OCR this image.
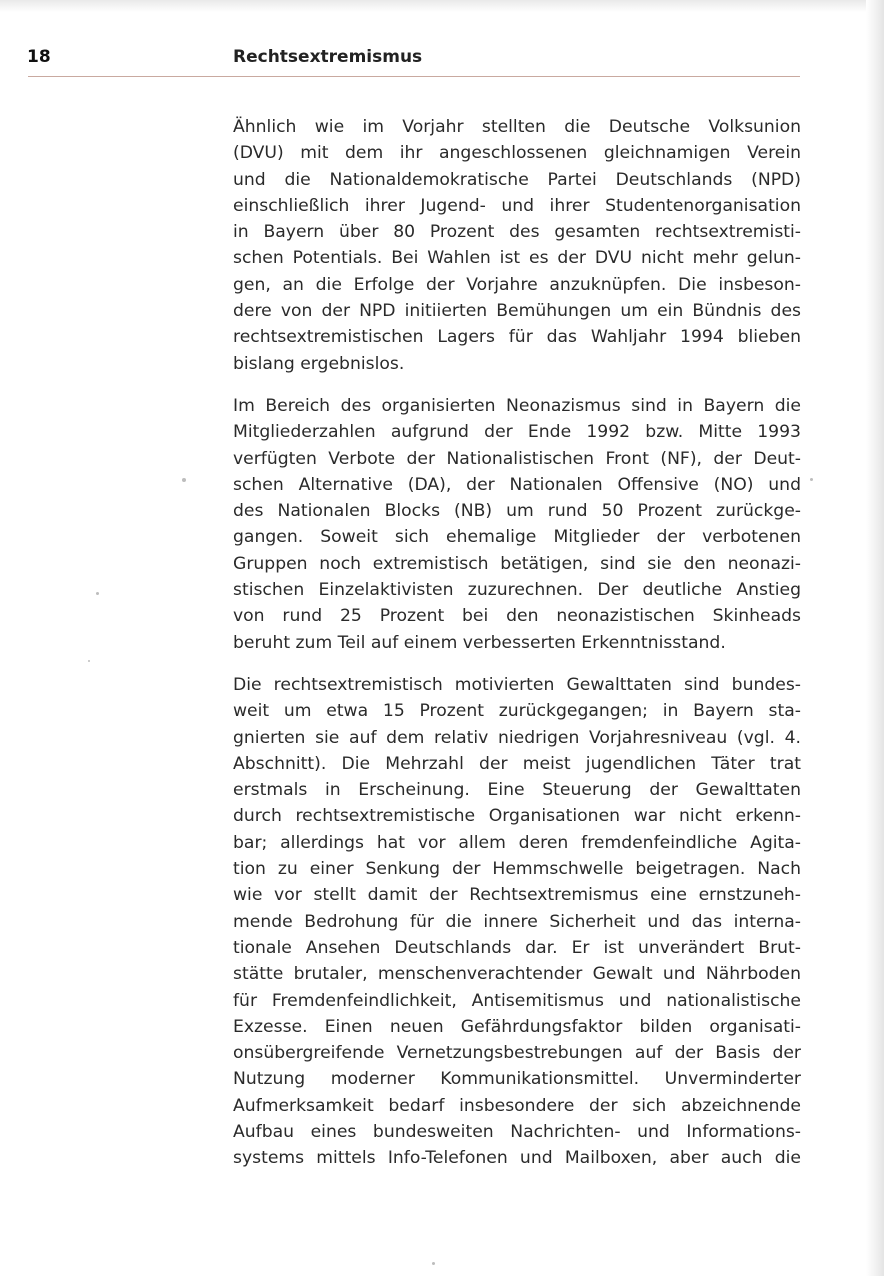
18	Rechtsextremismus

Ähnlich wie im Vorjahr stellten die Deutsche Volksunion
(DVU) mit dem ihr angeschlossenen gleichnamigen Verein
und die Nationaldemokratische Partei Deutschlands (NPD)
einschließlich ihrer Jugend- und ihrer Studentenorganisation
in Bayern über 80 Prozent des gesamten rechtsextremisti-
schen Potentials. Bei Wahlen ist es der DVU nicht mehr gelun-
gen, an die Erfolge der Vorjahre anzuknüpfen. Die insbeson-
dere von der NPD initiierten Bemühungen um ein Bündnis des
rechtsextremistischen Lagers für das Wahljahr 1994 blieben
bislang ergebnislos.

Im Bereich des organisierten Neonazismus sind in Bayern die
Mitgliederzahlen aufgrund der Ende 1992 bzw. Mitte 1993
verfügten Verbote der Nationalistischen Front (NF), der Deut-
schen Alternative (DA), der Nationalen Offensive (NO) und
des Nationalen Blocks (NB) um rund 50 Prozent zurückge-
gangen. Soweit sich ehemalige Mitglieder der verbotenen
Gruppen noch extremistisch betätigen, sind sie den neonazi-
stischen Einzelaktivisten zuzurechnen. Der deutliche Anstieg
von rund 25 Prozent bei den neonazistischen Skinheads
beruht zum Teil auf einem verbesserten Erkenntnisstand.

Die rechtsextremistisch motivierten Gewalttaten sind bundes-
weit um etwa 15 Prozent zurückgegangen; in Bayern sta-
gnierten sie auf dem relativ niedrigen Vorjahresniveau (vgl. 4.
Abschnitt). Die Mehrzahl der meist jugendlichen Täter trat
erstmals in Erscheinung. Eine Steuerung der Gewalttaten
durch rechtsextremistische Organisationen war nicht erkenn-
bar; allerdings hat vor allem deren fremdenfeindliche Agita-
tion zu einer Senkung der Hemmschwelle beigetragen. Nach
wie vor stellt damit der Rechtsextremismus eine ernstzuneh-
mende Bedrohung für die innere Sicherheit und das interna-
tionale Ansehen Deutschlands dar. Er ist unverändert Brut-
stätte brutaler, menschenverachtender Gewalt und Nährboden
für Fremdenfeindlichkeit, Antisemitismus und nationalistische
Exzesse. Einen neuen Gefährdungsfaktor bilden organisati-
onsübergreifende Vernetzungsbestrebungen auf der Basis der
Nutzung moderner Kommunikationsmittel. Unverminderter
Aufmerksamkeit bedarf insbesondere der sich abzeichnende
Aufbau eines bundesweiten Nachrichten- und Informations-
systems mittels Info-Telefonen und Mailboxen, aber auch die
